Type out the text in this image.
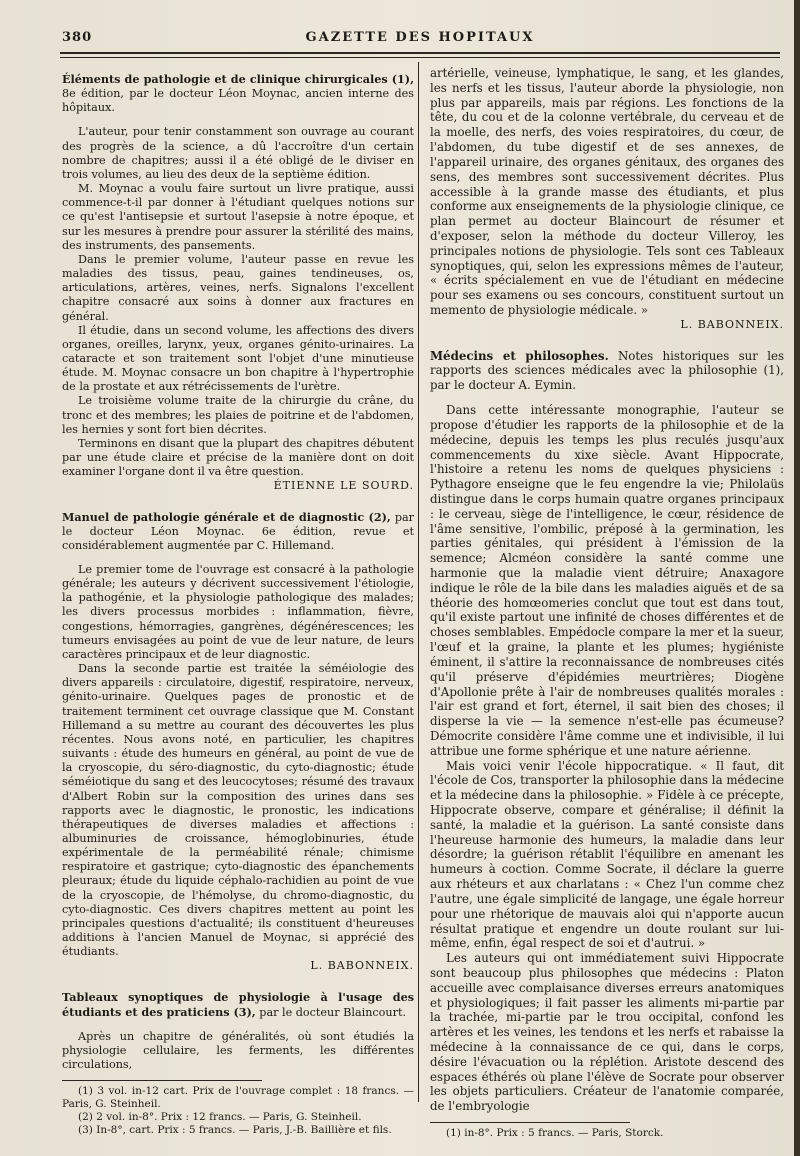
380	GAZETTE DES HOPITAUX

Éléments de pathologie et de clinique chirurgicales (1), 8e édition, par le docteur Léon Moynac, ancien interne des hôpitaux.

L'auteur, pour tenir constamment son ouvrage au courant des progrès de la science, a dû l'accroître d'un certain nombre de chapitres; aussi il a été obligé de le diviser en trois volumes, au lieu des deux de la septième édition.

M. Moynac a voulu faire surtout un livre pratique, aussi commence-t-il par donner à l'étudiant quelques notions sur ce qu'est l'antisepsie et surtout l'asepsie à notre époque, et sur les mesures à prendre pour assurer la stérilité des mains, des instruments, des pansements.

Dans le premier volume, l'auteur passe en revue les maladies des tissus, peau, gaines tendineuses, os, articulations, artères, veines, nerfs. Signalons l'excellent chapitre consacré aux soins à donner aux fractures en général.

Il étudie, dans un second volume, les affections des divers organes, oreilles, larynx, yeux, organes génito-urinaires. La cataracte et son traitement sont l'objet d'une minutieuse étude. M. Moynac consacre un bon chapitre à l'hypertrophie de la prostate et aux rétrécissements de l'urètre.

Le troisième volume traite de la chirurgie du crâne, du tronc et des membres; les plaies de poitrine et de l'abdomen, les hernies y sont fort bien décrites.

Terminons en disant que la plupart des chapitres débutent par une étude claire et précise de la manière dont on doit examiner l'organe dont il va être question.

ÉTIENNE LE SOURD.

Manuel de pathologie générale et de diagnostic (2), par le docteur Léon Moynac. 6e édition, revue et considérablement augmentée par C. Hillemand.

Le premier tome de l'ouvrage est consacré à la pathologie générale; les auteurs y décrivent successivement l'étiologie, la pathogénie, et la physiologie pathologique des malades; les divers processus morbides : inflammation, fièvre, congestions, hémorragies, gangrènes, dégénérescences; les tumeurs envisagées au point de vue de leur nature, de leurs caractères principaux et de leur diagnostic.

Dans la seconde partie est traitée la séméiologie des divers appareils : circulatoire, digestif, respiratoire, nerveux, génito-urinaire. Quelques pages de pronostic et de traitement terminent cet ouvrage classique que M. Constant Hillemand a su mettre au courant des découvertes les plus récentes. Nous avons noté, en particulier, les chapitres suivants : étude des humeurs en général, au point de vue de la cryoscopie, du séro-diagnostic, du cyto-diagnostic; étude séméiotique du sang et des leucocytoses; résumé des travaux d'Albert Robin sur la composition des urines dans ses rapports avec le diagnostic, le pronostic, les indications thérapeutiques de diverses maladies et affections : albuminuries de croissance, hémoglobinuries, étude expérimentale de la perméabilité rénale; chimisme respiratoire et gastrique; cyto-diagnostic des épanchements pleuraux; étude du liquide céphalo-rachidien au point de vue de la cryoscopie, de l'hémolyse, du chromo-diagnostic, du cyto-diagnostic. Ces divers chapitres mettent au point les principales questions d'actualité; ils constituent d'heureuses additions à l'ancien Manuel de Moynac, si apprécié des étudiants.

L. BABONNEIX.

Tableaux synoptiques de physiologie à l'usage des étudiants et des praticiens (3), par le docteur Blaincourt.

Après un chapitre de généralités, où sont étudiés la physiologie cellulaire, les ferments, les différentes circulations,

(1) 3 vol. in-12 cart. Prix de l'ouvrage complet : 18 francs. — Paris, G. Steinheil.

(2) 2 vol. in-8°. Prix : 12 francs. — Paris, G. Steinheil.

(3) In-8°, cart. Prix : 5 francs. — Paris, J.-B. Baillière et fils.

artérielle, veineuse, lymphatique, le sang, et les glandes, les nerfs et les tissus, l'auteur aborde la physiologie, non plus par appareils, mais par régions. Les fonctions de la tête, du cou et de la colonne vertébrale, du cerveau et de la moelle, des nerfs, des voies respiratoires, du cœur, de l'abdomen, du tube digestif et de ses annexes, de l'appareil urinaire, des organes génitaux, des organes des sens, des membres sont successivement décrites. Plus accessible à la grande masse des étudiants, et plus conforme aux enseignements de la physiologie clinique, ce plan permet au docteur Blaincourt de résumer et d'exposer, selon la méthode du docteur Villeroy, les principales notions de physiologie. Tels sont ces Tableaux synoptiques, qui, selon les expressions mêmes de l'auteur, « écrits spécialement en vue de l'étudiant en médecine pour ses examens ou ses concours, constituent surtout un memento de physiologie médicale. »

L. BABONNEIX.

Médecins et philosophes. Notes historiques sur les rapports des sciences médicales avec la philosophie (1), par le docteur A. Eymin.

Dans cette intéressante monographie, l'auteur se propose d'étudier les rapports de la philosophie et de la médecine, depuis les temps les plus reculés jusqu'aux commencements du xixe siècle. Avant Hippocrate, l'histoire a retenu les noms de quelques physiciens : Pythagore enseigne que le feu engendre la vie; Philolaüs distingue dans le corps humain quatre organes principaux : le cerveau, siège de l'intelligence, le cœur, résidence de l'âme sensitive, l'ombilic, préposé à la germination, les parties génitales, qui président à l'émission de la semence; Alcméon considère la santé comme une harmonie que la maladie vient détruire; Anaxagore indique le rôle de la bile dans les maladies aiguës et de sa théorie des homœomeries conclut que tout est dans tout, qu'il existe partout une infinité de choses différentes et de choses semblables. Empédocle compare la mer et la sueur, l'œuf et la graine, la plante et les plumes; hygiéniste éminent, il s'attire la reconnaissance de nombreuses cités qu'il préserve d'épidémies meurtrières; Diogène d'Apollonie prête à l'air de nombreuses qualités morales : l'air est grand et fort, éternel, il sait bien des choses; il disperse la vie — la semence n'est-elle pas écumeuse? Démocrite considère l'âme comme une et indivisible, il lui attribue une forme sphérique et une nature aérienne.

Mais voici venir l'école hippocratique. « Il faut, dit l'école de Cos, transporter la philosophie dans la médecine et la médecine dans la philosophie. » Fidèle à ce précepte, Hippocrate observe, compare et généralise; il définit la santé, la maladie et la guérison. La santé consiste dans l'heureuse harmonie des humeurs, la maladie dans leur désordre; la guérison rétablit l'équilibre en amenant les humeurs à coction. Comme Socrate, il déclare la guerre aux rhéteurs et aux charlatans : « Chez l'un comme chez l'autre, une égale simplicité de langage, une égale horreur pour une rhétorique de mauvais aloi qui n'apporte aucun résultat pratique et engendre un doute roulant sur lui-même, enfin, égal respect de soi et d'autrui. »

Les auteurs qui ont immédiatement suivi Hippocrate sont beaucoup plus philosophes que médecins : Platon accueille avec complaisance diverses erreurs anatomiques et physiologiques; il fait passer les aliments mi-partie par la trachée, mi-partie par le trou occipital, confond les artères et les veines, les tendons et les nerfs et rabaisse la médecine à la connaissance de ce qui, dans le corps, désire l'évacuation ou la réplétion. Aristote descend des espaces éthérés où plane l'élève de Socrate pour observer les objets particuliers. Créateur de l'anatomie comparée, de l'embryologie

(1) in-8°. Prix : 5 francs. — Paris, Storck.
